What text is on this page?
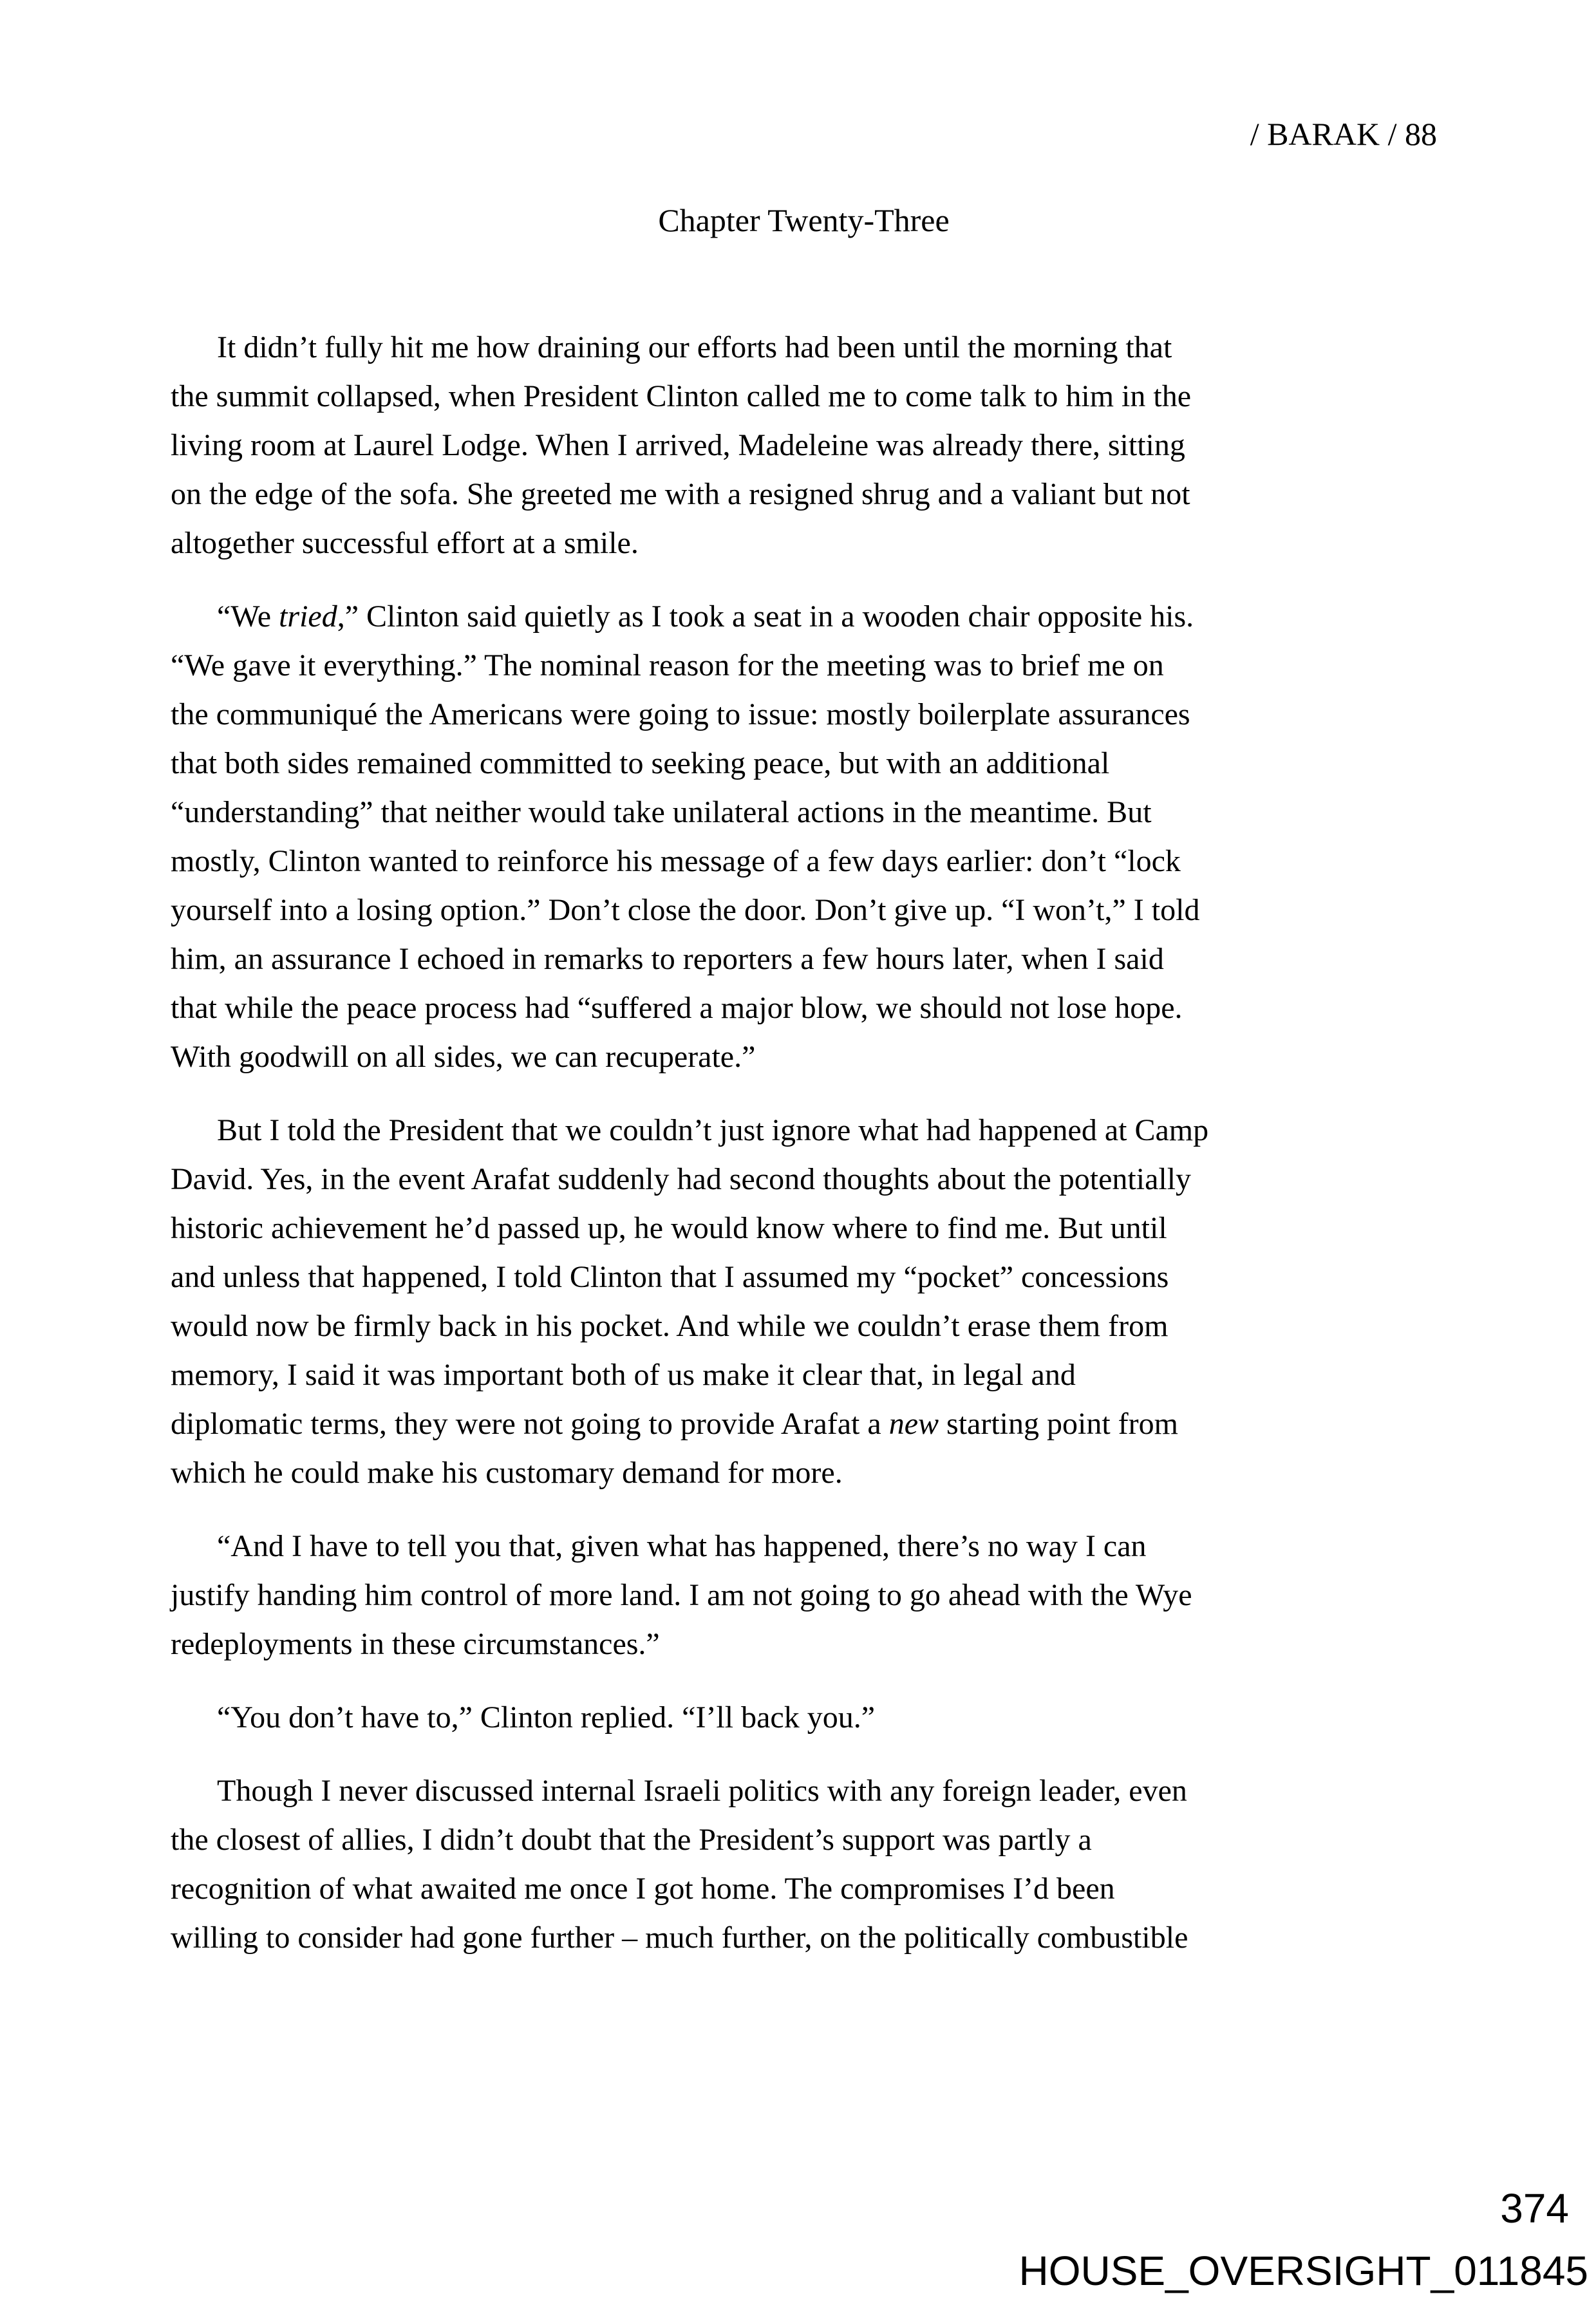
/ BARAK / 88
Chapter Twenty-Three
It didn’t fully hit me how draining our efforts had been until the morning that
the summit collapsed, when President Clinton called me to come talk to him in the
living room at Laurel Lodge. When I arrived, Madeleine was already there, sitting
on the edge of the sofa. She greeted me with a resigned shrug and a valiant but not
altogether successful effort at a smile.
“We tried,” Clinton said quietly as I took a seat in a wooden chair opposite his.
“We gave it everything.” The nominal reason for the meeting was to brief me on
the communiqué the Americans were going to issue: mostly boilerplate assurances
that both sides remained committed to seeking peace, but with an additional
“understanding” that neither would take unilateral actions in the meantime. But
mostly, Clinton wanted to reinforce his message of a few days earlier: don’t “lock
yourself into a losing option.” Don’t close the door. Don’t give up. “I won’t,” I told
him, an assurance I echoed in remarks to reporters a few hours later, when I said
that while the peace process had “suffered a major blow, we should not lose hope.
With goodwill on all sides, we can recuperate.”
But I told the President that we couldn’t just ignore what had happened at Camp
David. Yes, in the event Arafat suddenly had second thoughts about the potentially
historic achievement he’d passed up, he would know where to find me. But until
and unless that happened, I told Clinton that I assumed my “pocket” concessions
would now be firmly back in his pocket. And while we couldn’t erase them from
memory, I said it was important both of us make it clear that, in legal and
diplomatic terms, they were not going to provide Arafat a new starting point from
which he could make his customary demand for more.
“And I have to tell you that, given what has happened, there’s no way I can
justify handing him control of more land. I am not going to go ahead with the Wye
redeployments in these circumstances.”
“You don’t have to,” Clinton replied. “I’ll back you.”
Though I never discussed internal Israeli politics with any foreign leader, even
the closest of allies, I didn’t doubt that the President’s support was partly a
recognition of what awaited me once I got home. The compromises I’d been
willing to consider had gone further – much further, on the politically combustible
374
HOUSE_OVERSIGHT_011845
